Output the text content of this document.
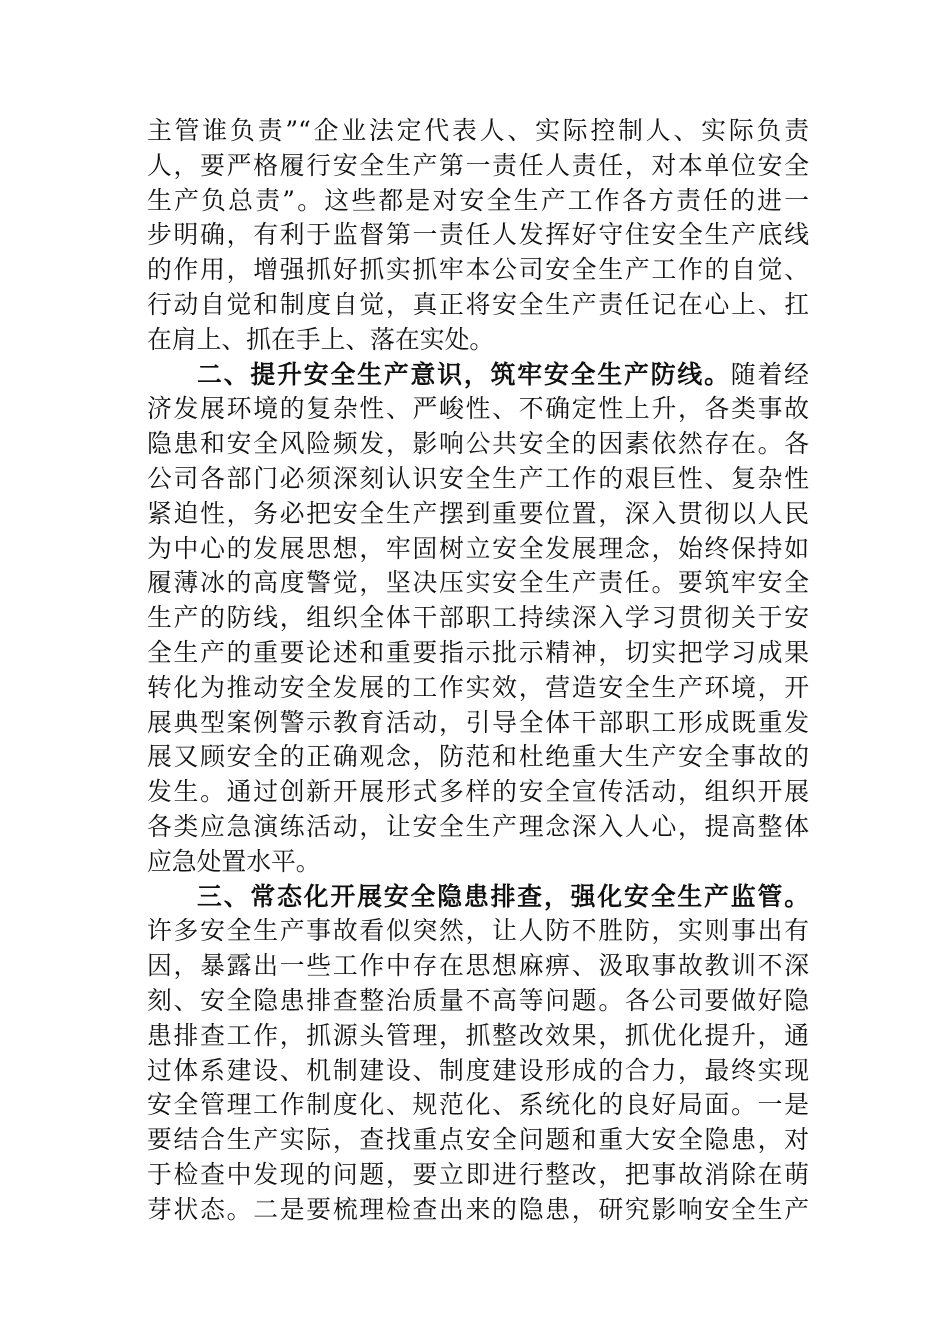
主管谁负责”“企业法定代表人、实际控制人、实际负责
人，要严格履行安全生产第一责任人责任，对本单位安全
生产负总责”。这些都是对安全生产工作各方责任的进一
步明确，有利于监督第一责任人发挥好守住安全生产底线
的作用，增强抓好抓实抓牢本公司安全生产工作的自觉、
行动自觉和制度自觉，真正将安全生产责任记在心上、扛
在肩上、抓在手上、落在实处。
二、提升安全生产意识，筑牢安全生产防线。随着经
济发展环境的复杂性、严峻性、不确定性上升，各类事故
隐患和安全风险频发，影响公共安全的因素依然存在。各
公司各部门必须深刻认识安全生产工作的艰巨性、复杂性
紧迫性，务必把安全生产摆到重要位置，深入贯彻以人民
为中心的发展思想，牢固树立安全发展理念，始终保持如
履薄冰的高度警觉，坚决压实安全生产责任。要筑牢安全
生产的防线，组织全体干部职工持续深入学习贯彻关于安
全生产的重要论述和重要指示批示精神，切实把学习成果
转化为推动安全发展的工作实效，营造安全生产环境，开
展典型案例警示教育活动，引导全体干部职工形成既重发
展又顾安全的正确观念，防范和杜绝重大生产安全事故的
发生。通过创新开展形式多样的安全宣传活动，组织开展
各类应急演练活动，让安全生产理念深入人心，提高整体
应急处置水平。
三、常态化开展安全隐患排查，强化安全生产监管。
许多安全生产事故看似突然，让人防不胜防，实则事出有
因，暴露出一些工作中存在思想麻痹、汲取事故教训不深
刻、安全隐患排查整治质量不高等问题。各公司要做好隐
患排查工作，抓源头管理，抓整改效果，抓优化提升，通
过体系建设、机制建设、制度建设形成的合力，最终实现
安全管理工作制度化、规范化、系统化的良好局面。一是
要结合生产实际，查找重点安全问题和重大安全隐患，对
于检查中发现的问题，要立即进行整改，把事故消除在萌
芽状态。二是要梳理检查出来的隐患，研究影响安全生产
